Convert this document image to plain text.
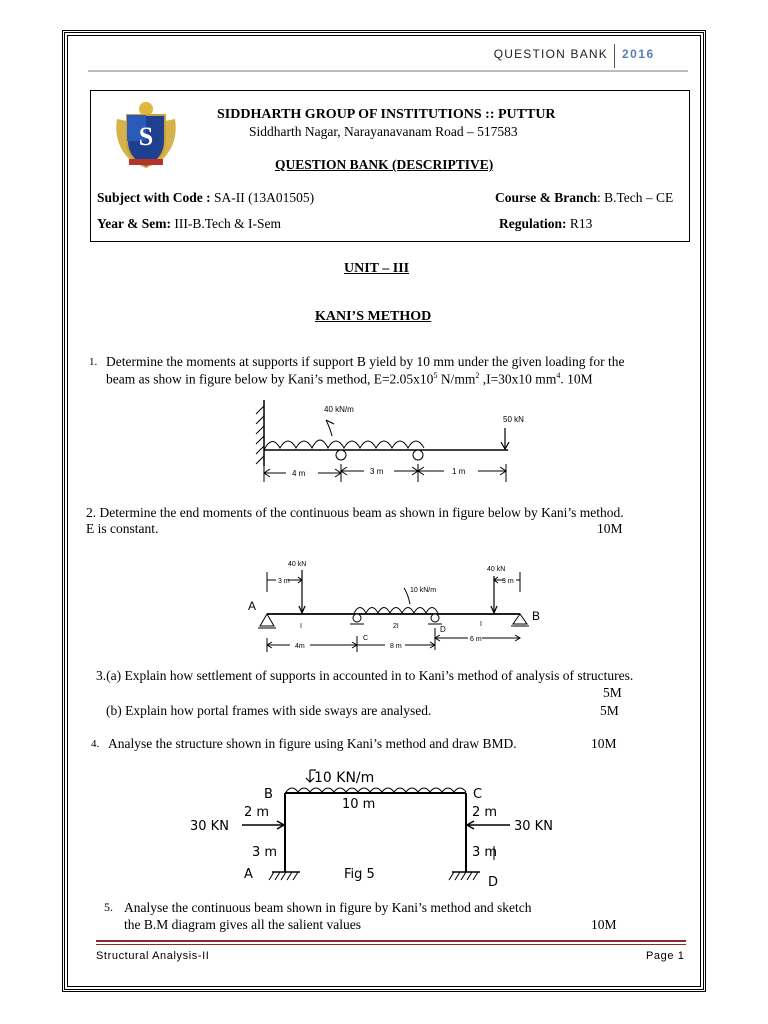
QUESTION BANK 2016
S
SIDDHARTH GROUP OF INSTITUTIONS :: PUTTUR
Siddharth Nagar, Narayanavanam Road – 517583
QUESTION BANK (DESCRIPTIVE)
Subject with Code : SA-II (13A01505)	Course & Branch: B.Tech – CE
Year & Sem: III-B.Tech & I-Sem	Regulation: R13
UNIT – III
KANI’S METHOD
1. Determine the moments at supports if support B yield by 10 mm under the given loading for the
beam as show in figure below by Kani’s method, $E=2.05x10^5$ $N/mm^2$ ,I=30x10 $mm^4$. 10M
40 kN/m
50 kN
4 m	3 m	1 m
2. Determine the end moments of the continuous beam as shown in figure below by Kani’s method.
E is constant.	10M
40 kN
40 kN
3 m	3 m
A
B
10 kN/m
I	2I	I
C
D
4m	8 m
6 m
3.(a) Explain how settlement of supports in accounted in to Kani’s method of analysis of structures.
5M
(b) Explain how portal frames with side sways are analysed.	5M
4. Analyse the structure shown in figure using Kani’s method and draw BMD.	10M
10 KN/m
B	C
10 m
2 m	2 m
30 KN	30 KN
3 m	3 m
A	Fig 5
D
5. Analyse the continuous beam shown in figure by Kani’s method and sketch
the B.M diagram gives all the salient values	10M
Structural Analysis-II	Page 1
